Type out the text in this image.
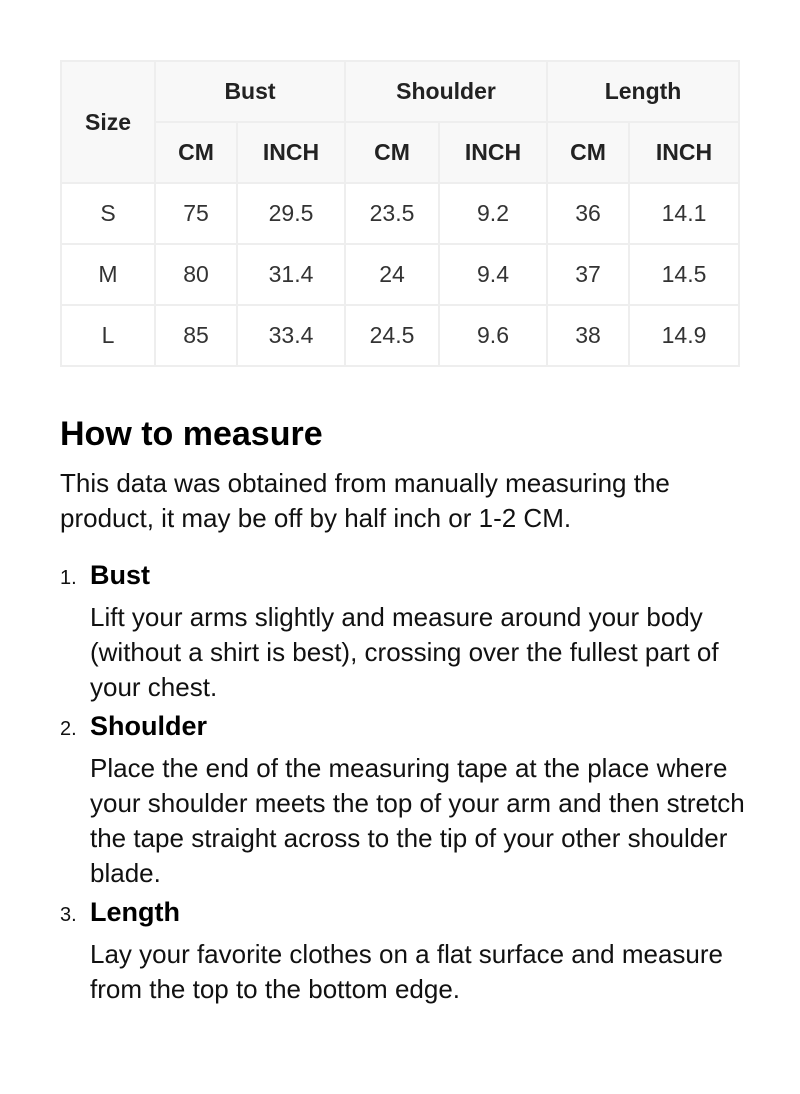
Size	Bust		Shoulder		Length	
	CM	INCH	CM	INCH	CM	INCH
S	75	29.5	23.5	9.2	36	14.1
M	80	31.4	24	9.4	37	14.5
L	85	33.4	24.5	9.6	38	14.9
How to measure

This data was obtained from manually measuring the product, it may be off by half inch or 1-2 CM.

1. Bust

Lift your arms slightly and measure around your body (without a shirt is best), crossing over the fullest part of your chest.

2. Shoulder

Place the end of the measuring tape at the place where your shoulder meets the top of your arm and then stretch the tape straight across to the tip of your other shoulder blade.

3. Length

Lay your favorite clothes on a flat surface and measure from the top to the bottom edge.
